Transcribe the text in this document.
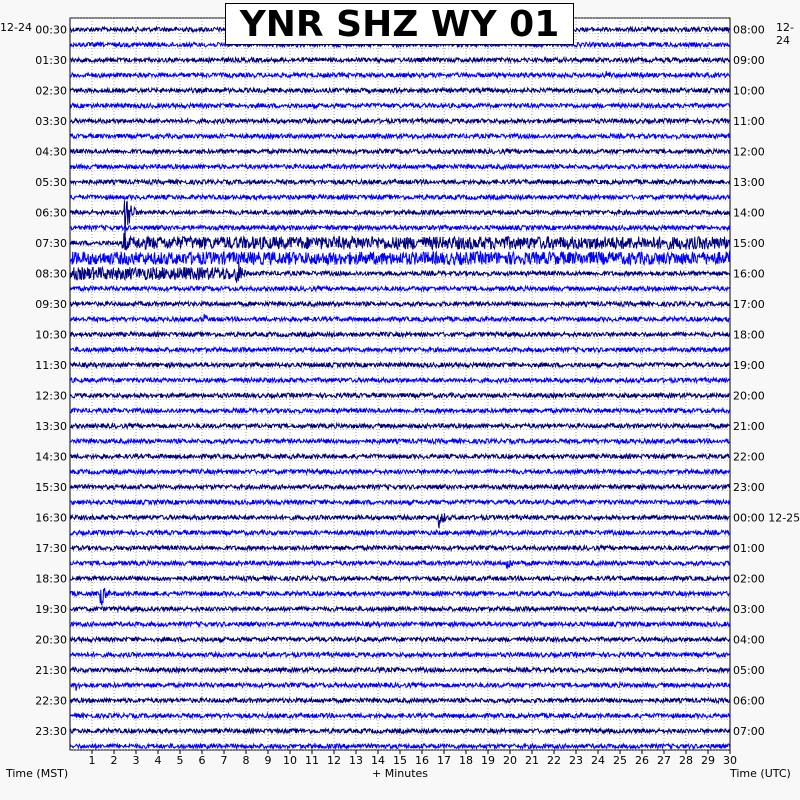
00:30
01:30
02:30
03:30
04:30
05:30
06:30
07:30
08:30
09:30
10:30
11:30
12:30
13:30
14:30
15:30
16:30
17:30
18:30
19:30
20:30
21:30
22:30
23:30
08:00
09:00
10:00
11:00
12:00
13:00
14:00
15:00
16:00
17:00
18:00
19:00
20:00
21:00
22:00
23:00
00:00 12-25
01:00
02:00
03:00
04:00
05:00
06:00
07:00
1 2 3 4 5 6 7 8 9 10 11 12 13 14 15 16 17 18 19 20 21 22 23 24 25 26 27 28 29 30
YNR SHZ WY 01
12-24	12-24
Time (MST)	+ Minutes	Time (UTC)
